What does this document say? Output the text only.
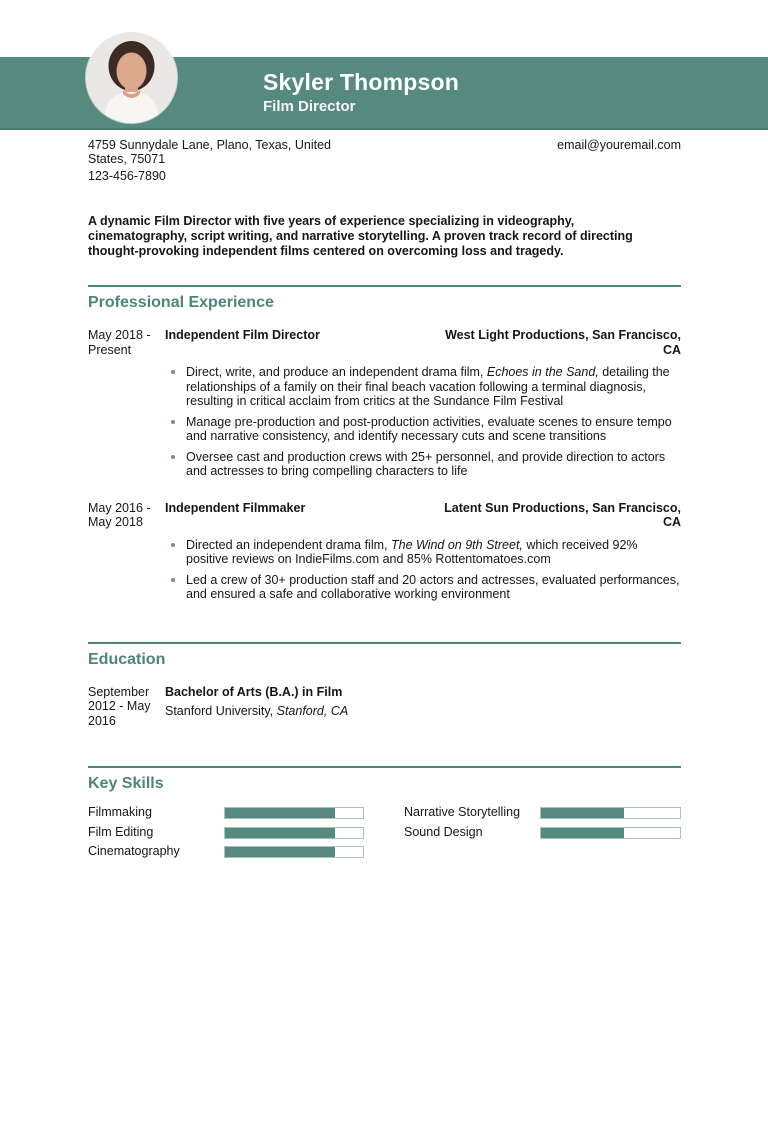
Skyler Thompson
Film Director
4759 Sunnydale Lane, Plano, Texas, United
States, 75071
123-456-7890
email@youremail.com

A dynamic Film Director with five years of experience specializing in videography, cinematography, script writing, and narrative storytelling. A proven track record of directing thought-provoking independent films centered on overcoming loss and tragedy.

Professional Experience
May 2018 - Present
Independent Film Director	West Light Productions, San Francisco, CA
Direct, write, and produce an independent drama film, Echoes in the Sand, detailing the relationships of a family on their final beach vacation following a terminal diagnosis, resulting in critical acclaim from critics at the Sundance Film Festival
Manage pre-production and post-production activities, evaluate scenes to ensure tempo and narrative consistency, and identify necessary cuts and scene transitions
Oversee cast and production crews with 25+ personnel, and provide direction to actors and actresses to bring compelling characters to life
May 2016 - May 2018
Independent Filmmaker	Latent Sun Productions, San Francisco, CA
Directed an independent drama film, The Wind on 9th Street, which received 92% positive reviews on IndieFilms.com and 85% Rottentomatoes.com
Led a crew of 30+ production staff and 20 actors and actresses, evaluated performances, and ensured a safe and collaborative working environment
Education
September 2012 - May 2016
Bachelor of Arts (B.A.) in Film
Stanford University, Stanford, CA
Key Skills
Filmmaking	Narrative Storytelling
Film Editing	Sound Design
Cinematography
